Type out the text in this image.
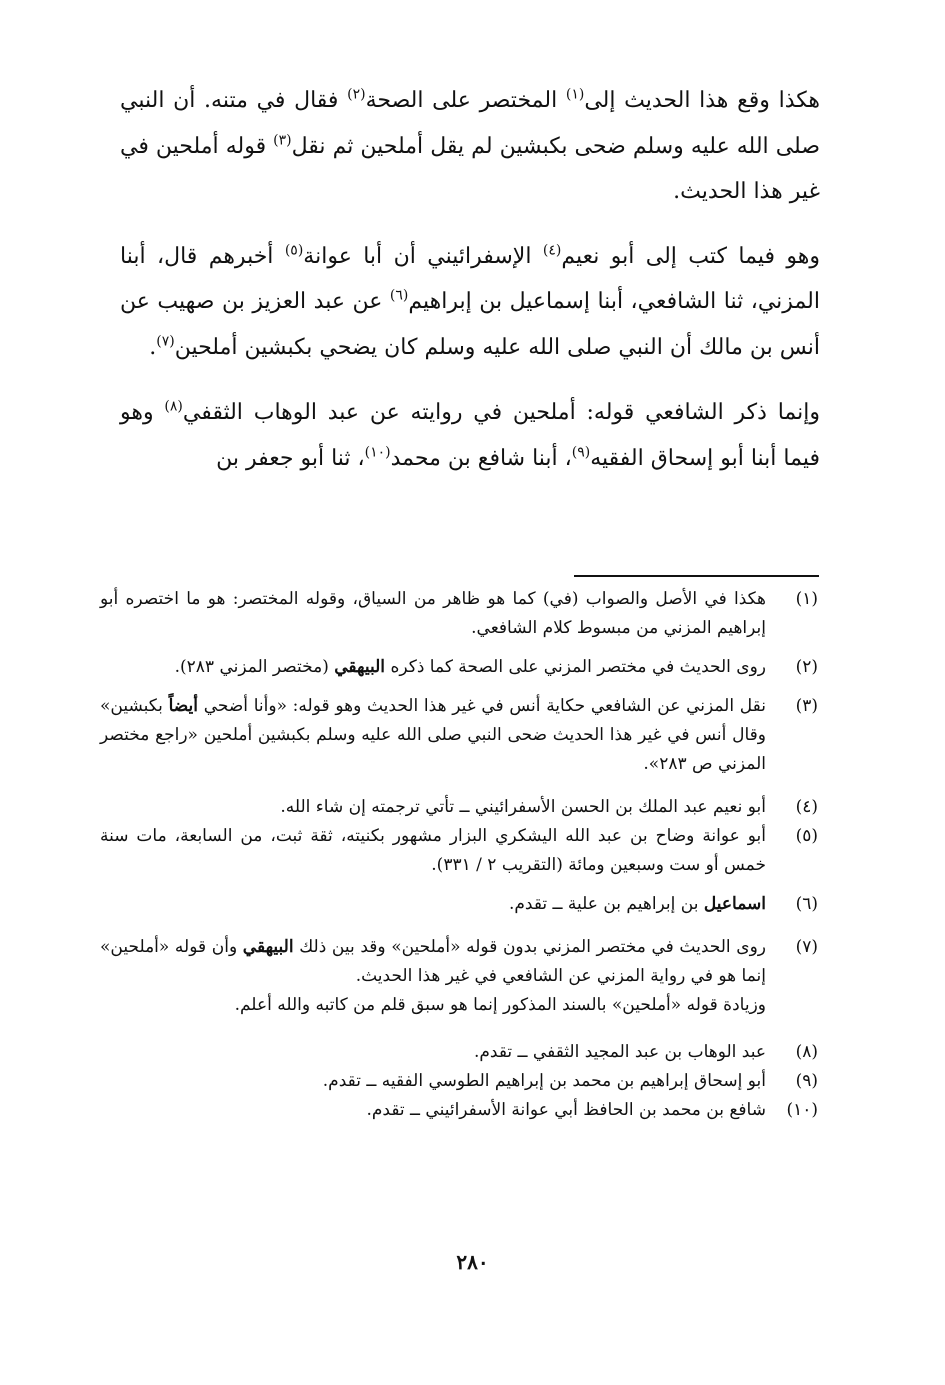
هكذا وقع هذا الحديث إلى$^{(١)}$ المختصر على الصحة$^{(٢)}$ فقال في متنه. أن النبي صلى الله عليه وسلم ضحى بكبشين لم يقل أملحين ثم نقل$^{(٣)}$ قوله أملحين في غير هذا الحديث.

وهو فيما كتب إلى أبو نعيم$^{(٤)}$ الإسفرائيني أن أبا عوانة$^{(٥)}$ أخبرهم قال، أبنا المزني، ثنا الشافعي، أبنا إسماعيل بن إبراهيم$^{(٦)}$ عن عبد العزيز بن صهيب عن أنس بن مالك أن النبي صلى الله عليه وسلم كان يضحي بكبشين أملحين$^{(٧)}$.

وإنما ذكر الشافعي قوله: أملحين في روايته عن عبد الوهاب الثقفي$^{(٨)}$ وهو فيما أبنا أبو إسحاق الفقيه$^{(٩)}$، أبنا شافع بن محمد$^{(١٠)}$، ثنا أبو جعفر بن

(١)
هكذا في الأصل والصواب (في) كما هو ظاهر من السياق، وقوله المختصر: هو ما اختصره أبو إبراهيم المزني من مبسوط كلام الشافعي.
(٢)
روى الحديث في مختصر المزني على الصحة كما ذكره البيهقي (مختصر المزني ٢٨٣).
(٣)
نقل المزني عن الشافعي حكاية أنس في غير هذا الحديث وهو قوله: «وأنا أضحي أيضاً بكبشين» وقال أنس في غير هذا الحديث ضحى النبي صلى الله عليه وسلم بكبشين أملحين «راجع مختصر المزني ص ٢٨٣».
(٤)
أبو نعيم عبد الملك بن الحسن الأسفرائيني ــ تأتي ترجمته إن شاء الله.
(٥)
أبو عوانة وضاح بن عبد الله اليشكري البزار مشهور بكنيته، ثقة ثبت، من السابعة، مات سنة خمس أو ست وسبعين ومائة (التقريب ٢ / ٣٣١).
(٦)
اسماعيل بن إبراهيم بن علية ــ تقدم.
(٧)
روى الحديث في مختصر المزني بدون قوله «أملحين» وقد بين ذلك البيهقي وأن قوله «أملحين» إنما هو في رواية المزني عن الشافعي في غير هذا الحديث.
وزيادة قوله «أملحين» بالسند المذكور إنما هو سبق قلم من كاتبه والله أعلم.
(٨)
عبد الوهاب بن عبد المجيد الثقفي ــ تقدم.
(٩)
أبو إسحاق إبراهيم بن محمد بن إبراهيم الطوسي الفقيه ــ تقدم.
(١٠)
شافع بن محمد بن الحافظ أبي عوانة الأسفرائيني ــ تقدم.
٢٨٠
